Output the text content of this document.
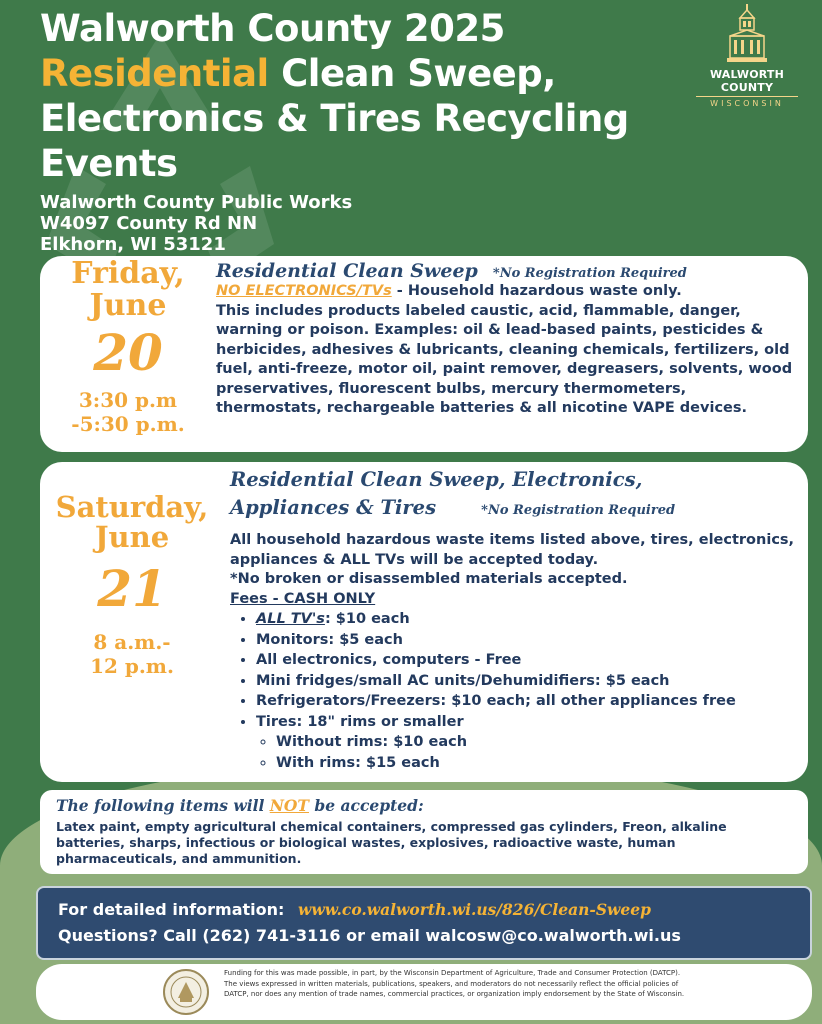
Walworth County 2025
Residential Clean Sweep,
Electronics & Tires Recycling
Events
Walworth County Public Works
W4097 County Rd NN
Elkhorn, WI 53121
WALWORTH COUNTY
WISCONSIN
Friday,
June
20
3:30 p.m
-5:30 p.m.
Residential Clean Sweep *No Registration Required
NO ELECTRONICS/TVs - Household hazardous waste only.
This includes products labeled caustic, acid, flammable, danger, warning or poison. Examples: oil & lead-based paints, pesticides & herbicides, adhesives & lubricants, cleaning chemicals, fertilizers, old fuel, anti-freeze, motor oil, paint remover, degreasers, solvents, wood preservatives, fluorescent bulbs, mercury thermometers, thermostats, rechargeable batteries & all nicotine VAPE devices.
Saturday,
June
21
8 a.m.-
12 p.m.
Residential Clean Sweep, Electronics,
Appliances & Tires	*No Registration Required
All household hazardous waste items listed above, tires, electronics, appliances & ALL TVs will be accepted today.
*No broken or disassembled materials accepted.
Fees - CASH ONLY
• ALL TV's: $10 each
• Monitors: $5 each
• All electronics, computers - Free
• Mini fridges/small AC units/Dehumidifiers: $5 each
• Refrigerators/Freezers: $10 each; all other appliances free
• Tires: 18" rims or smaller
◦ Without rims: $10 each
◦ With rims: $15 each
The following items will NOT be accepted:
Latex paint, empty agricultural chemical containers, compressed gas cylinders, Freon, alkaline batteries, sharps, infectious or biological wastes, explosives, radioactive waste, human pharmaceuticals, and ammunition.
For detailed information: www.co.walworth.wi.us/826/Clean-Sweep
Questions? Call (262) 741-3116 or email walcosw@co.walworth.wi.us
Funding for this was made possible, in part, by the Wisconsin Department of Agriculture, Trade and Consumer Protection (DATCP). The views expressed in written materials, publications, speakers, and moderators do not necessarily reflect the official policies of DATCP, nor does any mention of trade names, commercial practices, or organization imply endorsement by the State of Wisconsin.
